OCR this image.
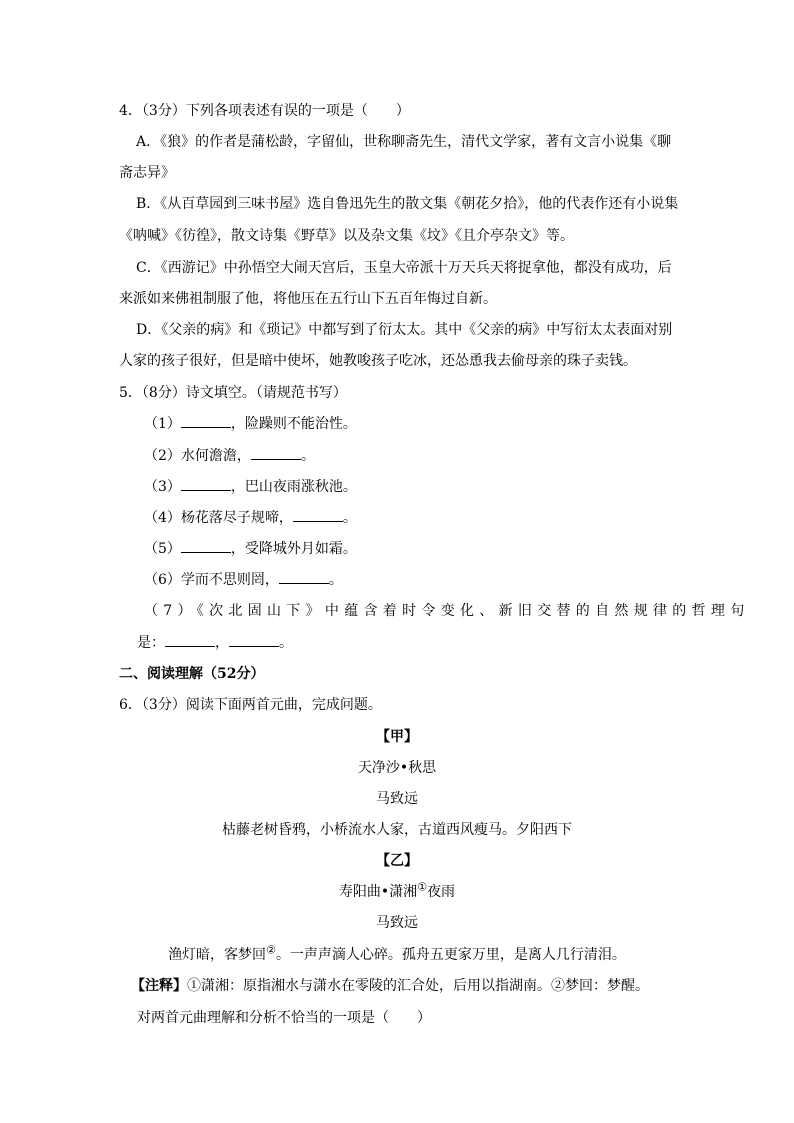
4．（3分）下列各项表述有误的一项是（　　）
A．《狼》的作者是蒲松龄，字留仙，世称聊斋先生，清代文学家，著有文言小说集《聊
斋志异》
B．《从百草园到三味书屋》选自鲁迅先生的散文集《朝花夕拾》，他的代表作还有小说集
《呐喊》《彷徨》，散文诗集《野草》以及杂文集《坟》《且介亭杂文》等。
C．《西游记》中孙悟空大闹天宫后，玉皇大帝派十万天兵天将捉拿他，都没有成功，后
来派如来佛祖制服了他，将他压在五行山下五百年悔过自新。
D．《父亲的病》和《琐记》中都写到了衍太太。其中《父亲的病》中写衍太太表面对别
人家的孩子很好，但是暗中使坏，她教唆孩子吃冰，还怂恿我去偷母亲的珠子卖钱。
5．（8分）诗文填空。（请规范书写）
（1）	，险躁则不能治性。
（2）水何澹澹，	。
（3）	，巴山夜雨涨秋池。
（4）杨花落尽子规啼，	。
（5）	，受降城外月如霜。
（6）学而不思则罔，	。
（7）《次北固山下》中蕴含着时令变化、新旧交替的自然规律的哲理句
是：	，	。
二、阅读理解（52分）
6．（3分）阅读下面两首元曲，完成问题。
【甲】
天净沙•秋思
马致远
枯藤老树昏鸦，小桥流水人家，古道西风瘦马。夕阳西下
【乙】
寿阳曲•潇湘①夜雨
马致远
渔灯暗，客梦回②。一声声滴人心碎。孤舟五更家万里，是离人几行清泪。
【注释】①潇湘：原指湘水与潇水在零陵的汇合处，后用以指湖南。②梦回：梦醒。
对两首元曲理解和分析不恰当的一项是（　　）
